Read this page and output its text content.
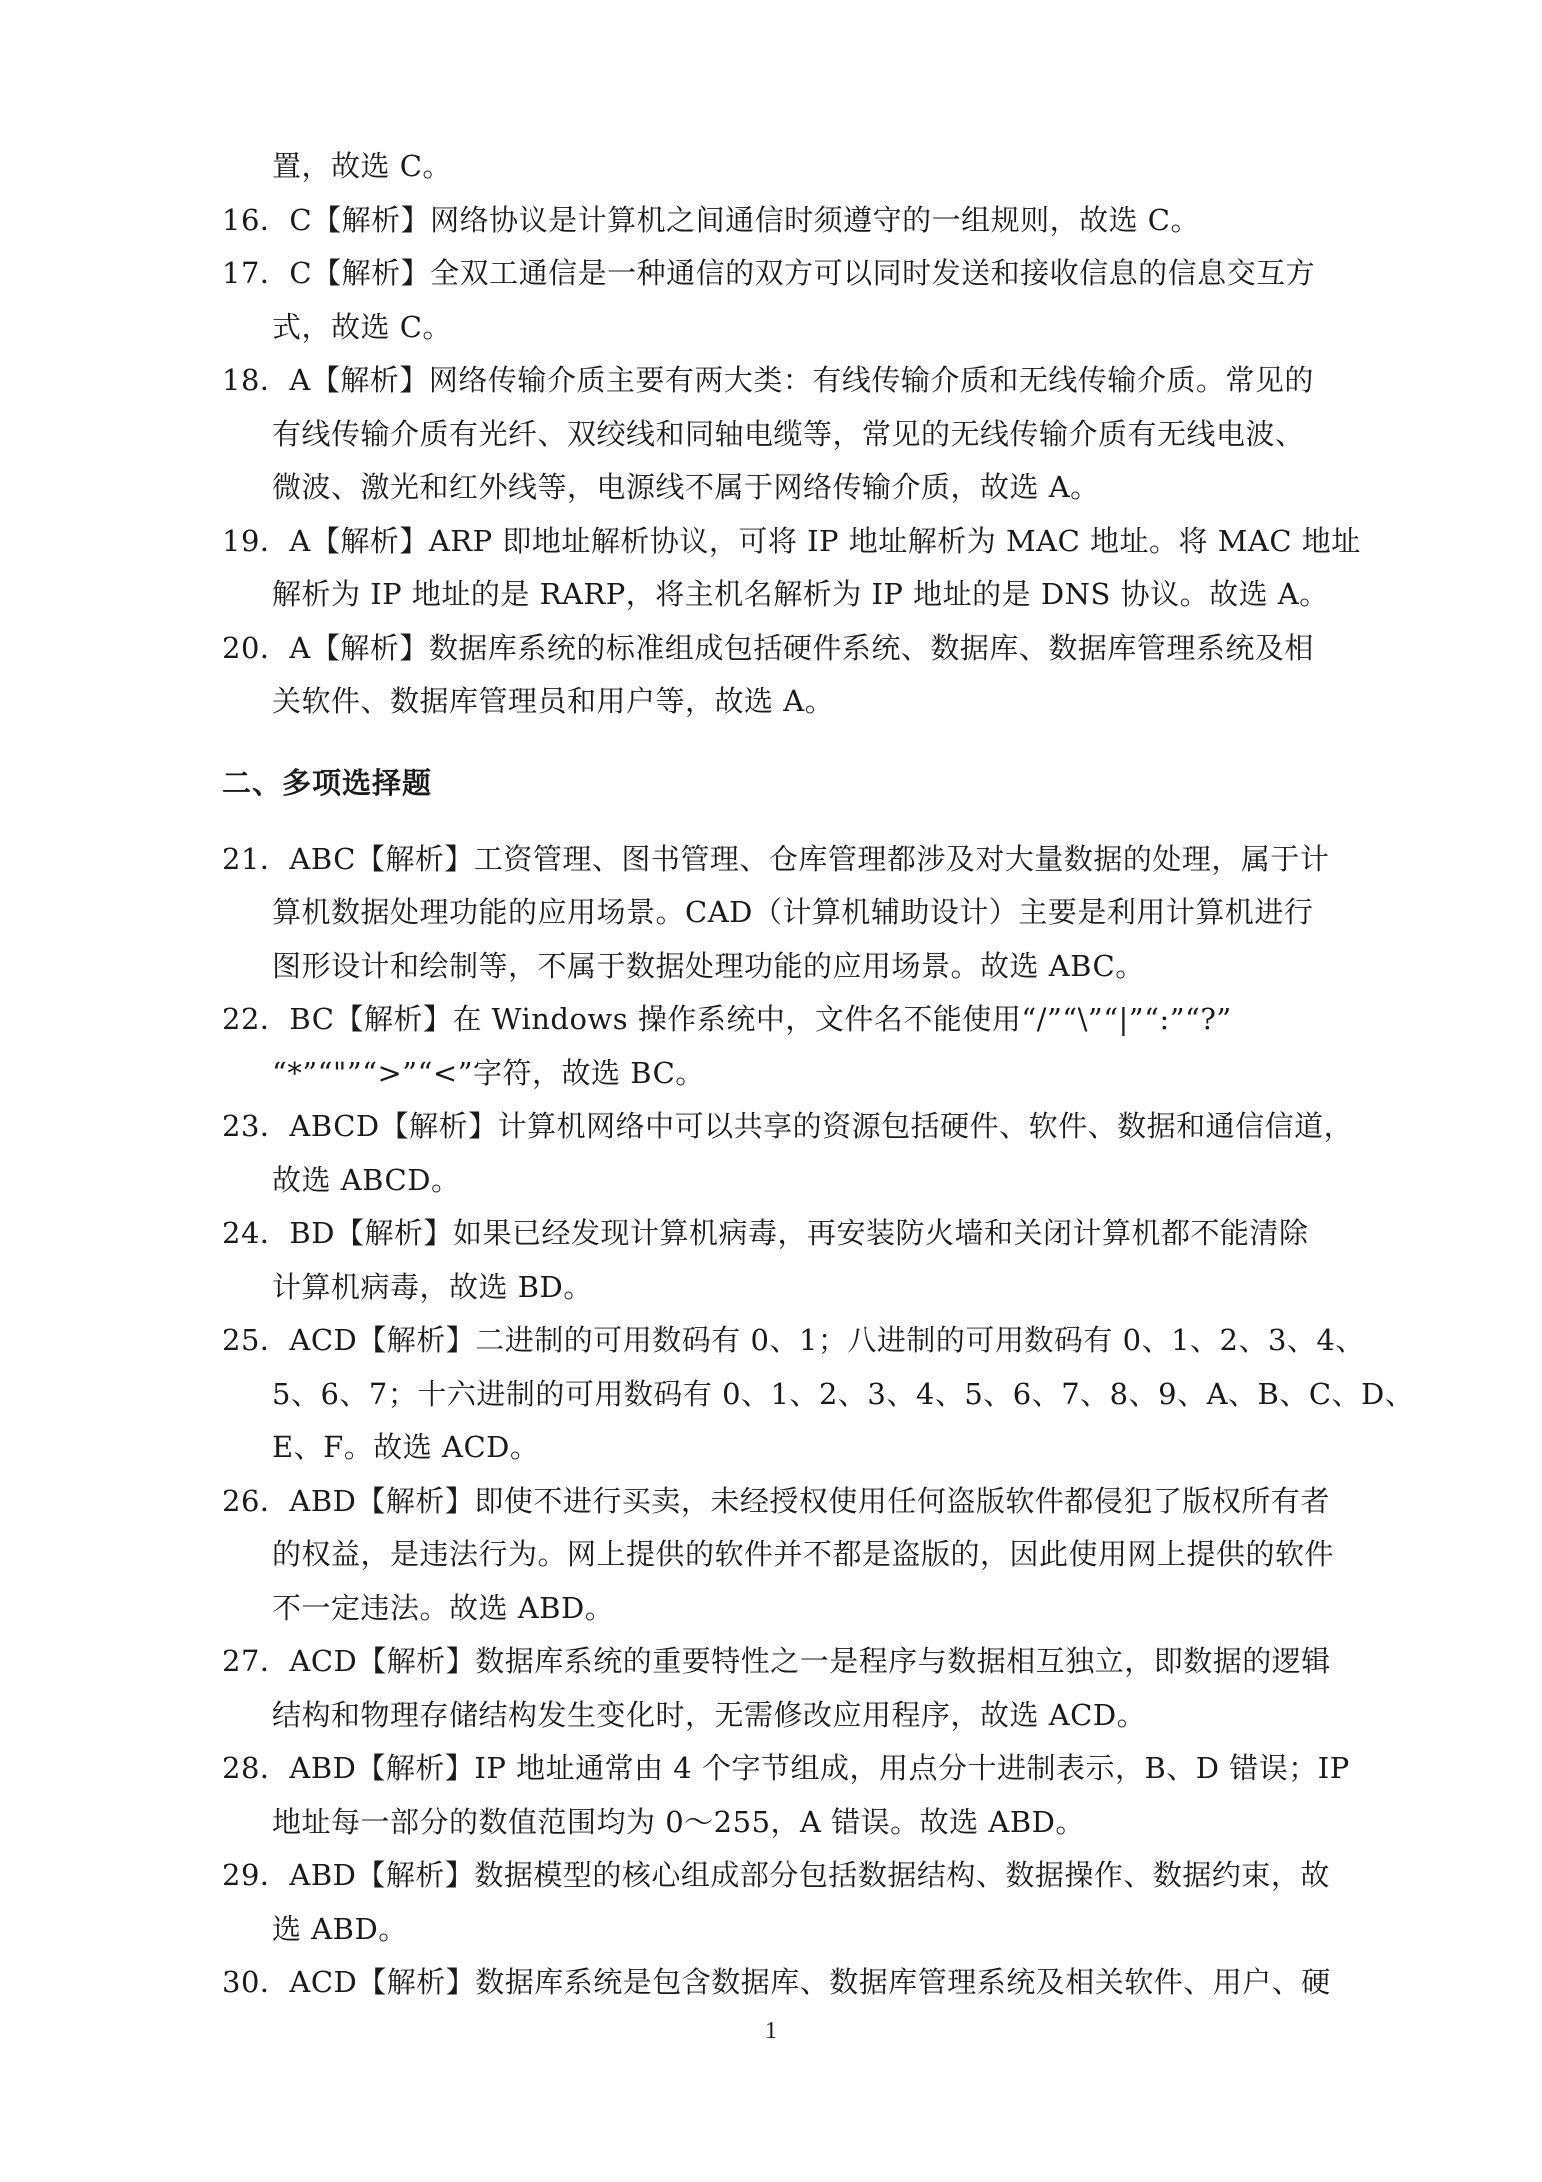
置，故选 C。
16．C【解析】网络协议是计算机之间通信时须遵守的一组规则，故选 C。
17．C【解析】全双工通信是一种通信的双方可以同时发送和接收信息的信息交互方
式，故选 C。
18．A【解析】网络传输介质主要有两大类：有线传输介质和无线传输介质。常见的
有线传输介质有光纤、双绞线和同轴电缆等，常见的无线传输介质有无线电波、
微波、激光和红外线等，电源线不属于网络传输介质，故选 A。
19．A【解析】ARP 即地址解析协议，可将 IP 地址解析为 MAC 地址。将 MAC 地址
解析为 IP 地址的是 RARP，将主机名解析为 IP 地址的是 DNS 协议。故选 A。
20．A【解析】数据库系统的标准组成包括硬件系统、数据库、数据库管理系统及相
关软件、数据库管理员和用户等，故选 A。
二、多项选择题
21．ABC【解析】工资管理、图书管理、仓库管理都涉及对大量数据的处理，属于计
算机数据处理功能的应用场景。CAD（计算机辅助设计）主要是利用计算机进行
图形设计和绘制等，不属于数据处理功能的应用场景。故选 ABC。
22．BC【解析】在 Windows 操作系统中，文件名不能使用“/”“\”“|”“:”“?”
“*”“"”“>”“<”字符，故选 BC。
23．ABCD【解析】计算机网络中可以共享的资源包括硬件、软件、数据和通信信道，
故选 ABCD。
24．BD【解析】如果已经发现计算机病毒，再安装防火墙和关闭计算机都不能清除
计算机病毒，故选 BD。
25．ACD【解析】二进制的可用数码有 0、1；八进制的可用数码有 0、1、2、3、4、
5、6、7；十六进制的可用数码有 0、1、2、3、4、5、6、7、8、9、A、B、C、D、
E、F。故选 ACD。
26．ABD【解析】即使不进行买卖，未经授权使用任何盗版软件都侵犯了版权所有者
的权益，是违法行为。网上提供的软件并不都是盗版的，因此使用网上提供的软件
不一定违法。故选 ABD。
27．ACD【解析】数据库系统的重要特性之一是程序与数据相互独立，即数据的逻辑
结构和物理存储结构发生变化时，无需修改应用程序，故选 ACD。
28．ABD【解析】IP 地址通常由 4 个字节组成，用点分十进制表示，B、D 错误；IP
地址每一部分的数值范围均为 0～255，A 错误。故选 ABD。
29．ABD【解析】数据模型的核心组成部分包括数据结构、数据操作、数据约束，故
选 ABD。
30．ACD【解析】数据库系统是包含数据库、数据库管理系统及相关软件、用户、硬
1
